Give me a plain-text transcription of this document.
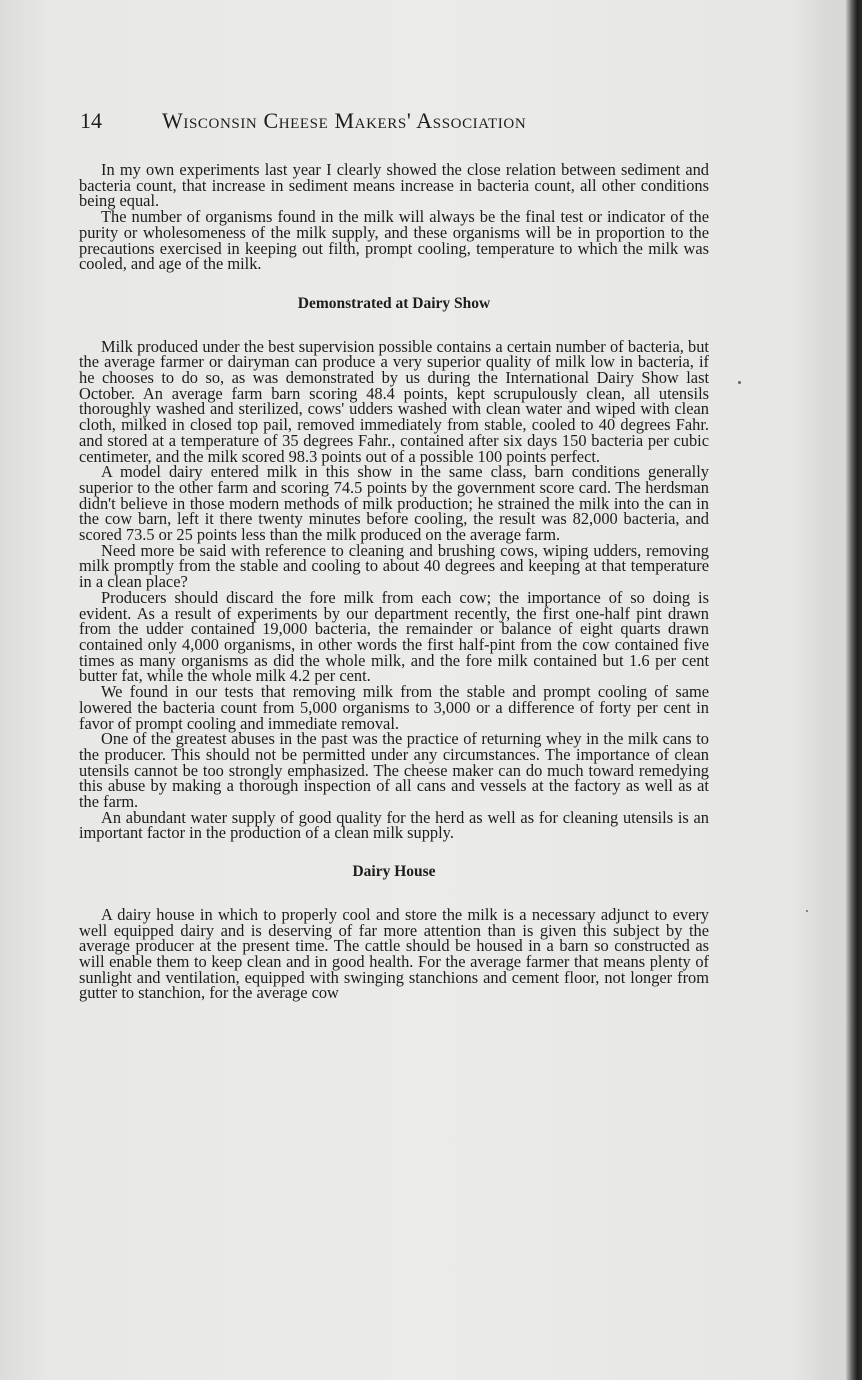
14	Wisconsin Cheese Makers' Association

In my own experiments last year I clearly showed the close relation between sediment and bacteria count, that increase in sediment means increase in bacteria count, all other conditions being equal.

The number of organisms found in the milk will always be the final test or indicator of the purity or wholesomeness of the milk supply, and these organisms will be in proportion to the precautions exercised in keeping out filth, prompt cooling, temperature to which the milk was cooled, and age of the milk.

Demonstrated at Dairy Show

Milk produced under the best supervision possible contains a certain number of bacteria, but the average farmer or dairyman can produce a very superior quality of milk low in bacteria, if he chooses to do so, as was demonstrated by us during the International Dairy Show last October. An average farm barn scoring 48.4 points, kept scrupulously clean, all utensils thoroughly washed and sterilized, cows' udders washed with clean water and wiped with clean cloth, milked in closed top pail, removed immediately from stable, cooled to 40 degrees Fahr. and stored at a temperature of 35 degrees Fahr., contained after six days 150 bacteria per cubic centimeter, and the milk scored 98.3 points out of a possible 100 points perfect.

A model dairy entered milk in this show in the same class, barn conditions generally superior to the other farm and scoring 74.5 points by the government score card. The herdsman didn't believe in those modern methods of milk production; he strained the milk into the can in the cow barn, left it there twenty minutes before cooling, the result was 82,000 bacteria, and scored 73.5 or 25 points less than the milk produced on the average farm.

Need more be said with reference to cleaning and brushing cows, wiping udders, removing milk promptly from the stable and cooling to about 40 degrees and keeping at that temperature in a clean place?

Producers should discard the fore milk from each cow; the importance of so doing is evident. As a result of experiments by our department recently, the first one-half pint drawn from the udder contained 19,000 bacteria, the remainder or balance of eight quarts drawn contained only 4,000 organisms, in other words the first half-pint from the cow contained five times as many organisms as did the whole milk, and the fore milk contained but 1.6 per cent butter fat, while the whole milk 4.2 per cent.

We found in our tests that removing milk from the stable and prompt cooling of same lowered the bacteria count from 5,000 organisms to 3,000 or a difference of forty per cent in favor of prompt cooling and immediate removal.

One of the greatest abuses in the past was the practice of returning whey in the milk cans to the producer. This should not be permitted under any circumstances. The importance of clean utensils cannot be too strongly emphasized. The cheese maker can do much toward remedying this abuse by making a thorough inspection of all cans and vessels at the factory as well as at the farm.

An abundant water supply of good quality for the herd as well as for cleaning utensils is an important factor in the production of a clean milk supply.

Dairy House

A dairy house in which to properly cool and store the milk is a necessary adjunct to every well equipped dairy and is deserving of far more attention than is given this subject by the average producer at the present time. The cattle should be housed in a barn so constructed as will enable them to keep clean and in good health. For the average farmer that means plenty of sunlight and ventilation, equipped with swinging stanchions and cement floor, not longer from gutter to stanchion, for the average cow
